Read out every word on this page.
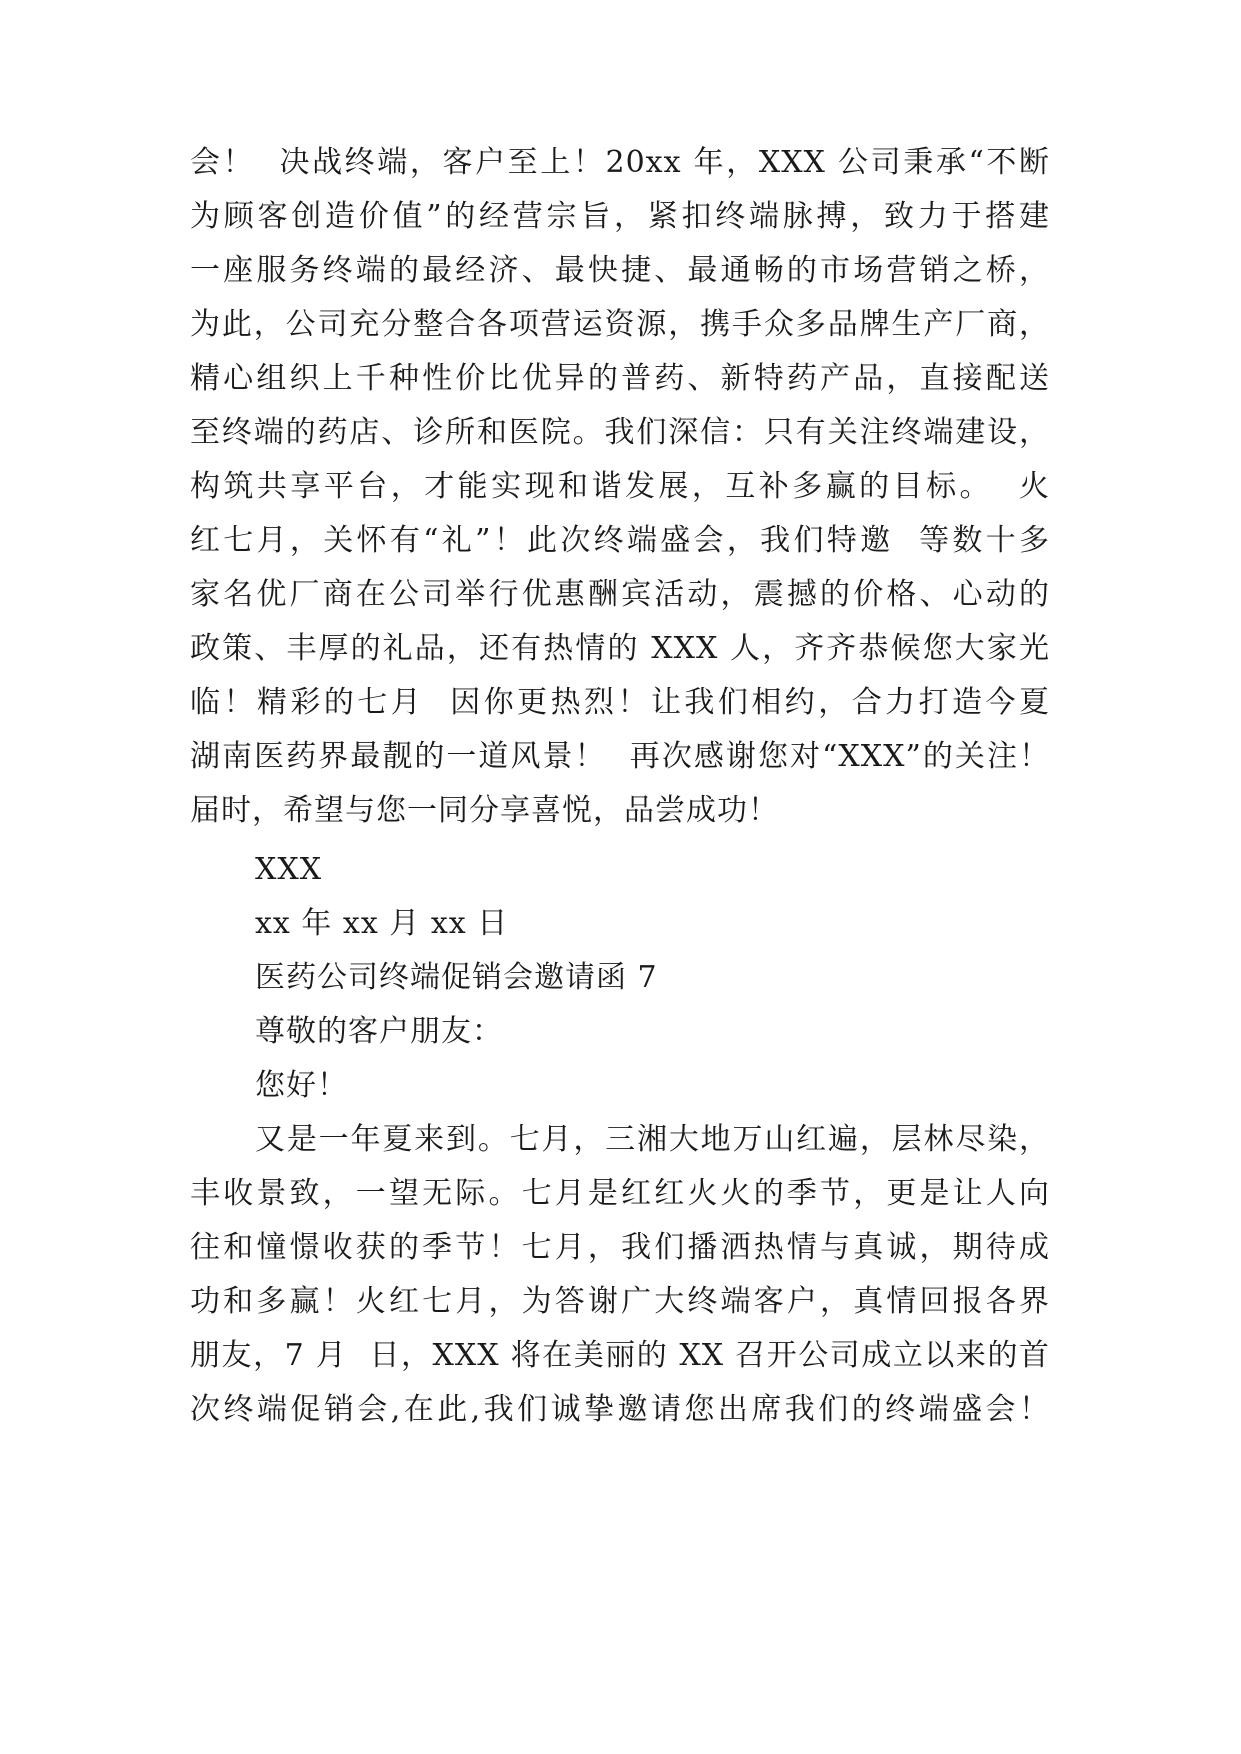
会！  决战终端，客户至上！20xx 年，XXX 公司秉承“不断
为顾客创造价值”的经营宗旨，紧扣终端脉搏，致力于搭建
一座服务终端的最经济、最快捷、最通畅的市场营销之桥，
为此，公司充分整合各项营运资源，携手众多品牌生产厂商，
精心组织上千种性价比优异的普药、新特药产品，直接配送
至终端的药店、诊所和医院。我们深信：只有关注终端建设，
构筑共享平台，才能实现和谐发展，互补多赢的目标。  火
红七月，关怀有“礼”！此次终端盛会，我们特邀  等数十多
家名优厂商在公司举行优惠酬宾活动，震撼的价格、心动的
政策、丰厚的礼品，还有热情的 XXX 人，齐齐恭候您大家光
临！精彩的七月  因你更热烈！让我们相约，合力打造今夏
湖南医药界最靓的一道风景！  再次感谢您对“XXX”的关注！
届时，希望与您一同分享喜悦，品尝成功！
XXX
xx 年 xx 月 xx 日
医药公司终端促销会邀请函 7
尊敬的客户朋友：
您好！
又是一年夏来到。七月，三湘大地万山红遍，层林尽染，
丰收景致，一望无际。七月是红红火火的季节，更是让人向
往和憧憬收获的季节！七月，我们播洒热情与真诚，期待成
功和多赢！火红七月，为答谢广大终端客户，真情回报各界
朋友，7 月  日，XXX 将在美丽的 XX 召开公司成立以来的首
次终端促销会,在此,我们诚挚邀请您出席我们的终端盛会！
